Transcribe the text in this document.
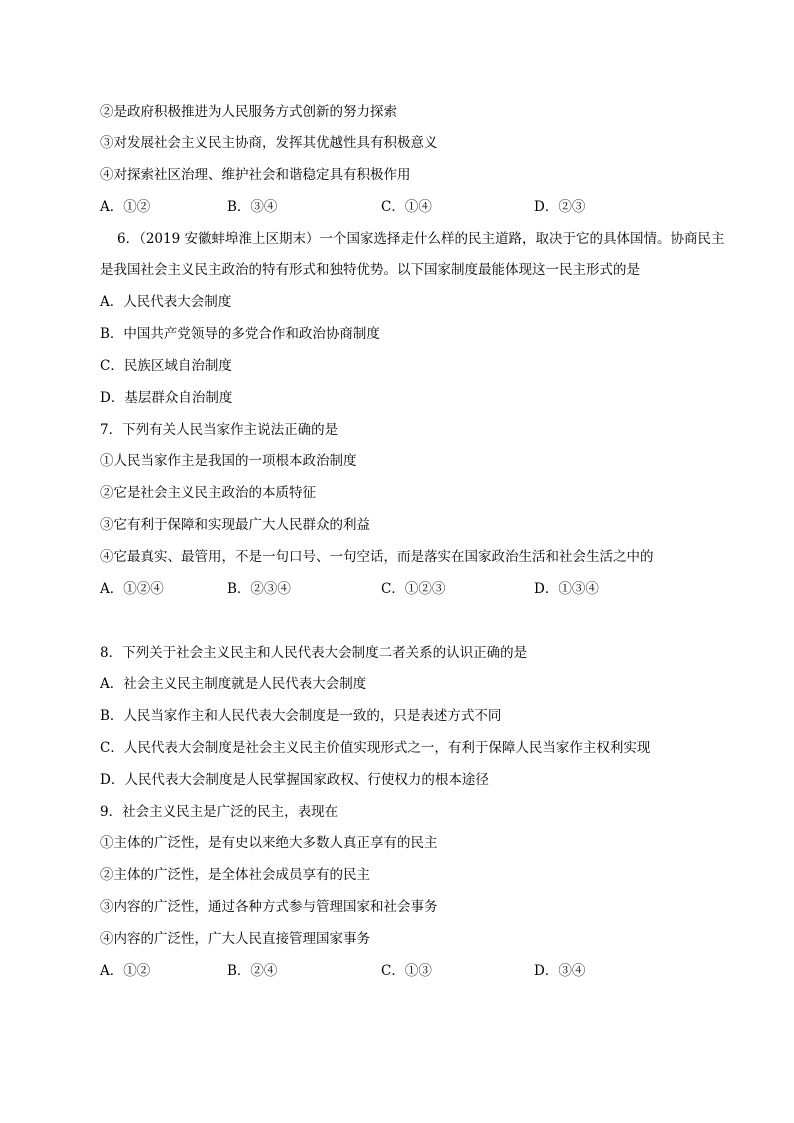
②是政府积极推进为人民服务方式创新的努力探索
③对发展社会主义民主协商，发挥其优越性具有积极意义
④对探索社区治理、维护社会和谐稳定具有积极作用
A．①②	B．③④	C．①④	D．②③
6．（2019 安徽蚌埠淮上区期末）一个国家选择走什么样的民主道路，取决于它的具体国情。协商民主
是我国社会主义民主政治的特有形式和独特优势。以下国家制度最能体现这一民主形式的是
A．人民代表大会制度
B．中国共产党领导的多党合作和政治协商制度
C．民族区域自治制度
D．基层群众自治制度
7．下列有关人民当家作主说法正确的是
①人民当家作主是我国的一项根本政治制度
②它是社会主义民主政治的本质特征
③它有利于保障和实现最广大人民群众的利益
④它最真实、最管用，不是一句口号、一句空话，而是落实在国家政治生活和社会生活之中的
A．①②④	B．②③④	C．①②③	D．①③④
8．下列关于社会主义民主和人民代表大会制度二者关系的认识正确的是
A．社会主义民主制度就是人民代表大会制度
B．人民当家作主和人民代表大会制度是一致的，只是表述方式不同
C．人民代表大会制度是社会主义民主价值实现形式之一，有利于保障人民当家作主权利实现
D．人民代表大会制度是人民掌握国家政权、行使权力的根本途径
9．社会主义民主是广泛的民主，表现在
①主体的广泛性，是有史以来绝大多数人真正享有的民主
②主体的广泛性，是全体社会成员享有的民主
③内容的广泛性，通过各种方式参与管理国家和社会事务
④内容的广泛性，广大人民直接管理国家事务
A．①②	B．②④	C．①③	D．③④
